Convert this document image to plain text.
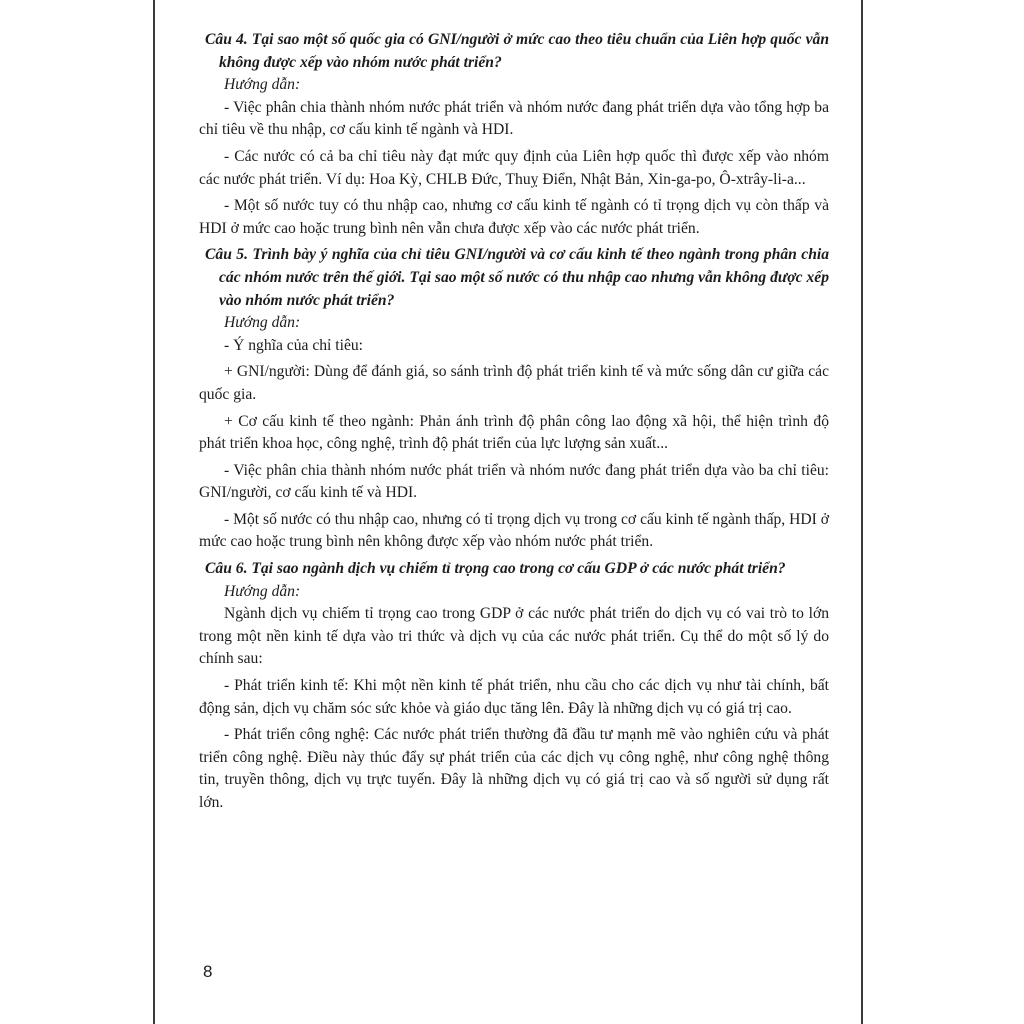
Câu 4. Tại sao một số quốc gia có GNI/người ở mức cao theo tiêu chuẩn của Liên hợp quốc vẫn không được xếp vào nhóm nước phát triển?

Hướng dẫn:

- Việc phân chia thành nhóm nước phát triển và nhóm nước đang phát triển dựa vào tổng hợp ba chỉ tiêu về thu nhập, cơ cấu kinh tế ngành và HDI.

- Các nước có cả ba chỉ tiêu này đạt mức quy định của Liên hợp quốc thì được xếp vào nhóm các nước phát triển. Ví dụ: Hoa Kỳ, CHLB Đức, Thuỵ Điển, Nhật Bản, Xin-ga-po, Ô-xtrây-li-a...

- Một số nước tuy có thu nhập cao, nhưng cơ cấu kinh tế ngành có tỉ trọng dịch vụ còn thấp và HDI ở mức cao hoặc trung bình nên vẫn chưa được xếp vào các nước phát triển.

Câu 5. Trình bày ý nghĩa của chỉ tiêu GNI/người và cơ cấu kinh tế theo ngành trong phân chia các nhóm nước trên thế giới. Tại sao một số nước có thu nhập cao nhưng vẫn không được xếp vào nhóm nước phát triển?

Hướng dẫn:

- Ý nghĩa của chỉ tiêu:

+ GNI/người: Dùng để đánh giá, so sánh trình độ phát triển kinh tế và mức sống dân cư giữa các quốc gia.

+ Cơ cấu kinh tế theo ngành: Phản ánh trình độ phân công lao động xã hội, thể hiện trình độ phát triển khoa học, công nghệ, trình độ phát triển của lực lượng sản xuất...

- Việc phân chia thành nhóm nước phát triển và nhóm nước đang phát triển dựa vào ba chỉ tiêu: GNI/người, cơ cấu kinh tế và HDI.

- Một số nước có thu nhập cao, nhưng có tỉ trọng dịch vụ trong cơ cấu kinh tế ngành thấp, HDI ở mức cao hoặc trung bình nên không được xếp vào nhóm nước phát triển.

Câu 6. Tại sao ngành dịch vụ chiếm tỉ trọng cao trong cơ cấu GDP ở các nước phát triển?

Hướng dẫn:

Ngành dịch vụ chiếm tỉ trọng cao trong GDP ở các nước phát triển do dịch vụ có vai trò to lớn trong một nền kinh tế dựa vào tri thức và dịch vụ của các nước phát triển. Cụ thể do một số lý do chính sau:

- Phát triển kinh tế: Khi một nền kinh tế phát triển, nhu cầu cho các dịch vụ như tài chính, bất động sản, dịch vụ chăm sóc sức khỏe và giáo dục tăng lên. Đây là những dịch vụ có giá trị cao.

- Phát triển công nghệ: Các nước phát triển thường đã đầu tư mạnh mẽ vào nghiên cứu và phát triển công nghệ. Điều này thúc đẩy sự phát triển của các dịch vụ công nghệ, như công nghệ thông tin, truyền thông, dịch vụ trực tuyến. Đây là những dịch vụ có giá trị cao và số người sử dụng rất lớn.

8
